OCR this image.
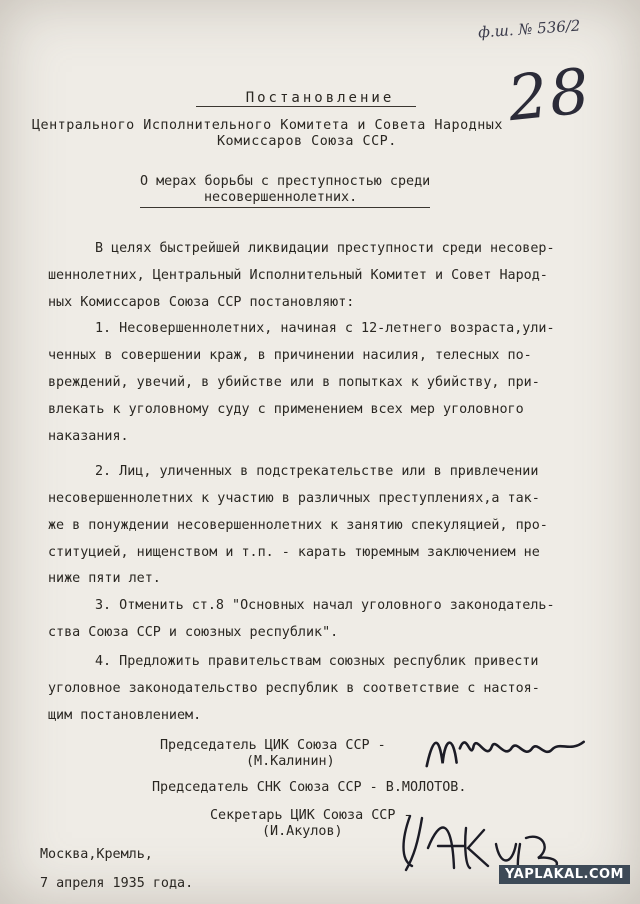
ф.ш. № 536/2
28
Постановление
Центрального Исполнительного Комитета и Совета Народных
Комиссаров Союза ССР.
О мерах борьбы с преступностью среди
несовершеннолетних.
В целях быстрейшей ликвидации преступности среди несовер-
шеннолетних, Центральный Исполнительный Комитет и Совет Народ-
ных Комиссаров Союза ССР постановляют:
1. Несовершеннолетних, начиная с 12-летнего возраста,ули-
ченных в совершении краж, в причинении насилия, телесных по-
вреждений, увечий, в убийстве или в попытках к убийству, при-
влекать к уголовному суду с применением всех мер уголовного
наказания.
2. Лиц, уличенных в подстрекательстве или в привлечении
несовершеннолетних к участию в различных преступлениях,а так-
же в понуждении несовершеннолетних к занятию спекуляцией, про-
ституцией, нищенством и т.п. - карать тюремным заключением не
ниже пяти лет.
3. Отменить ст.8 "Основных начал уголовного законодатель-
ства Союза ССР и союзных республик".
4. Предложить правительствам союзных республик привести
уголовное законодательство республик в соответствие с настоя-
щим постановлением.
Председатель ЦИК Союза ССР -
(М.Калинин)
Председатель СНК Союза ССР - В.МОЛОТОВ.
Секретарь ЦИК Союза ССР -
(И.Акулов)
Москва,Кремль,
7 апреля 1935 года.
YAPLAKAL.COM
